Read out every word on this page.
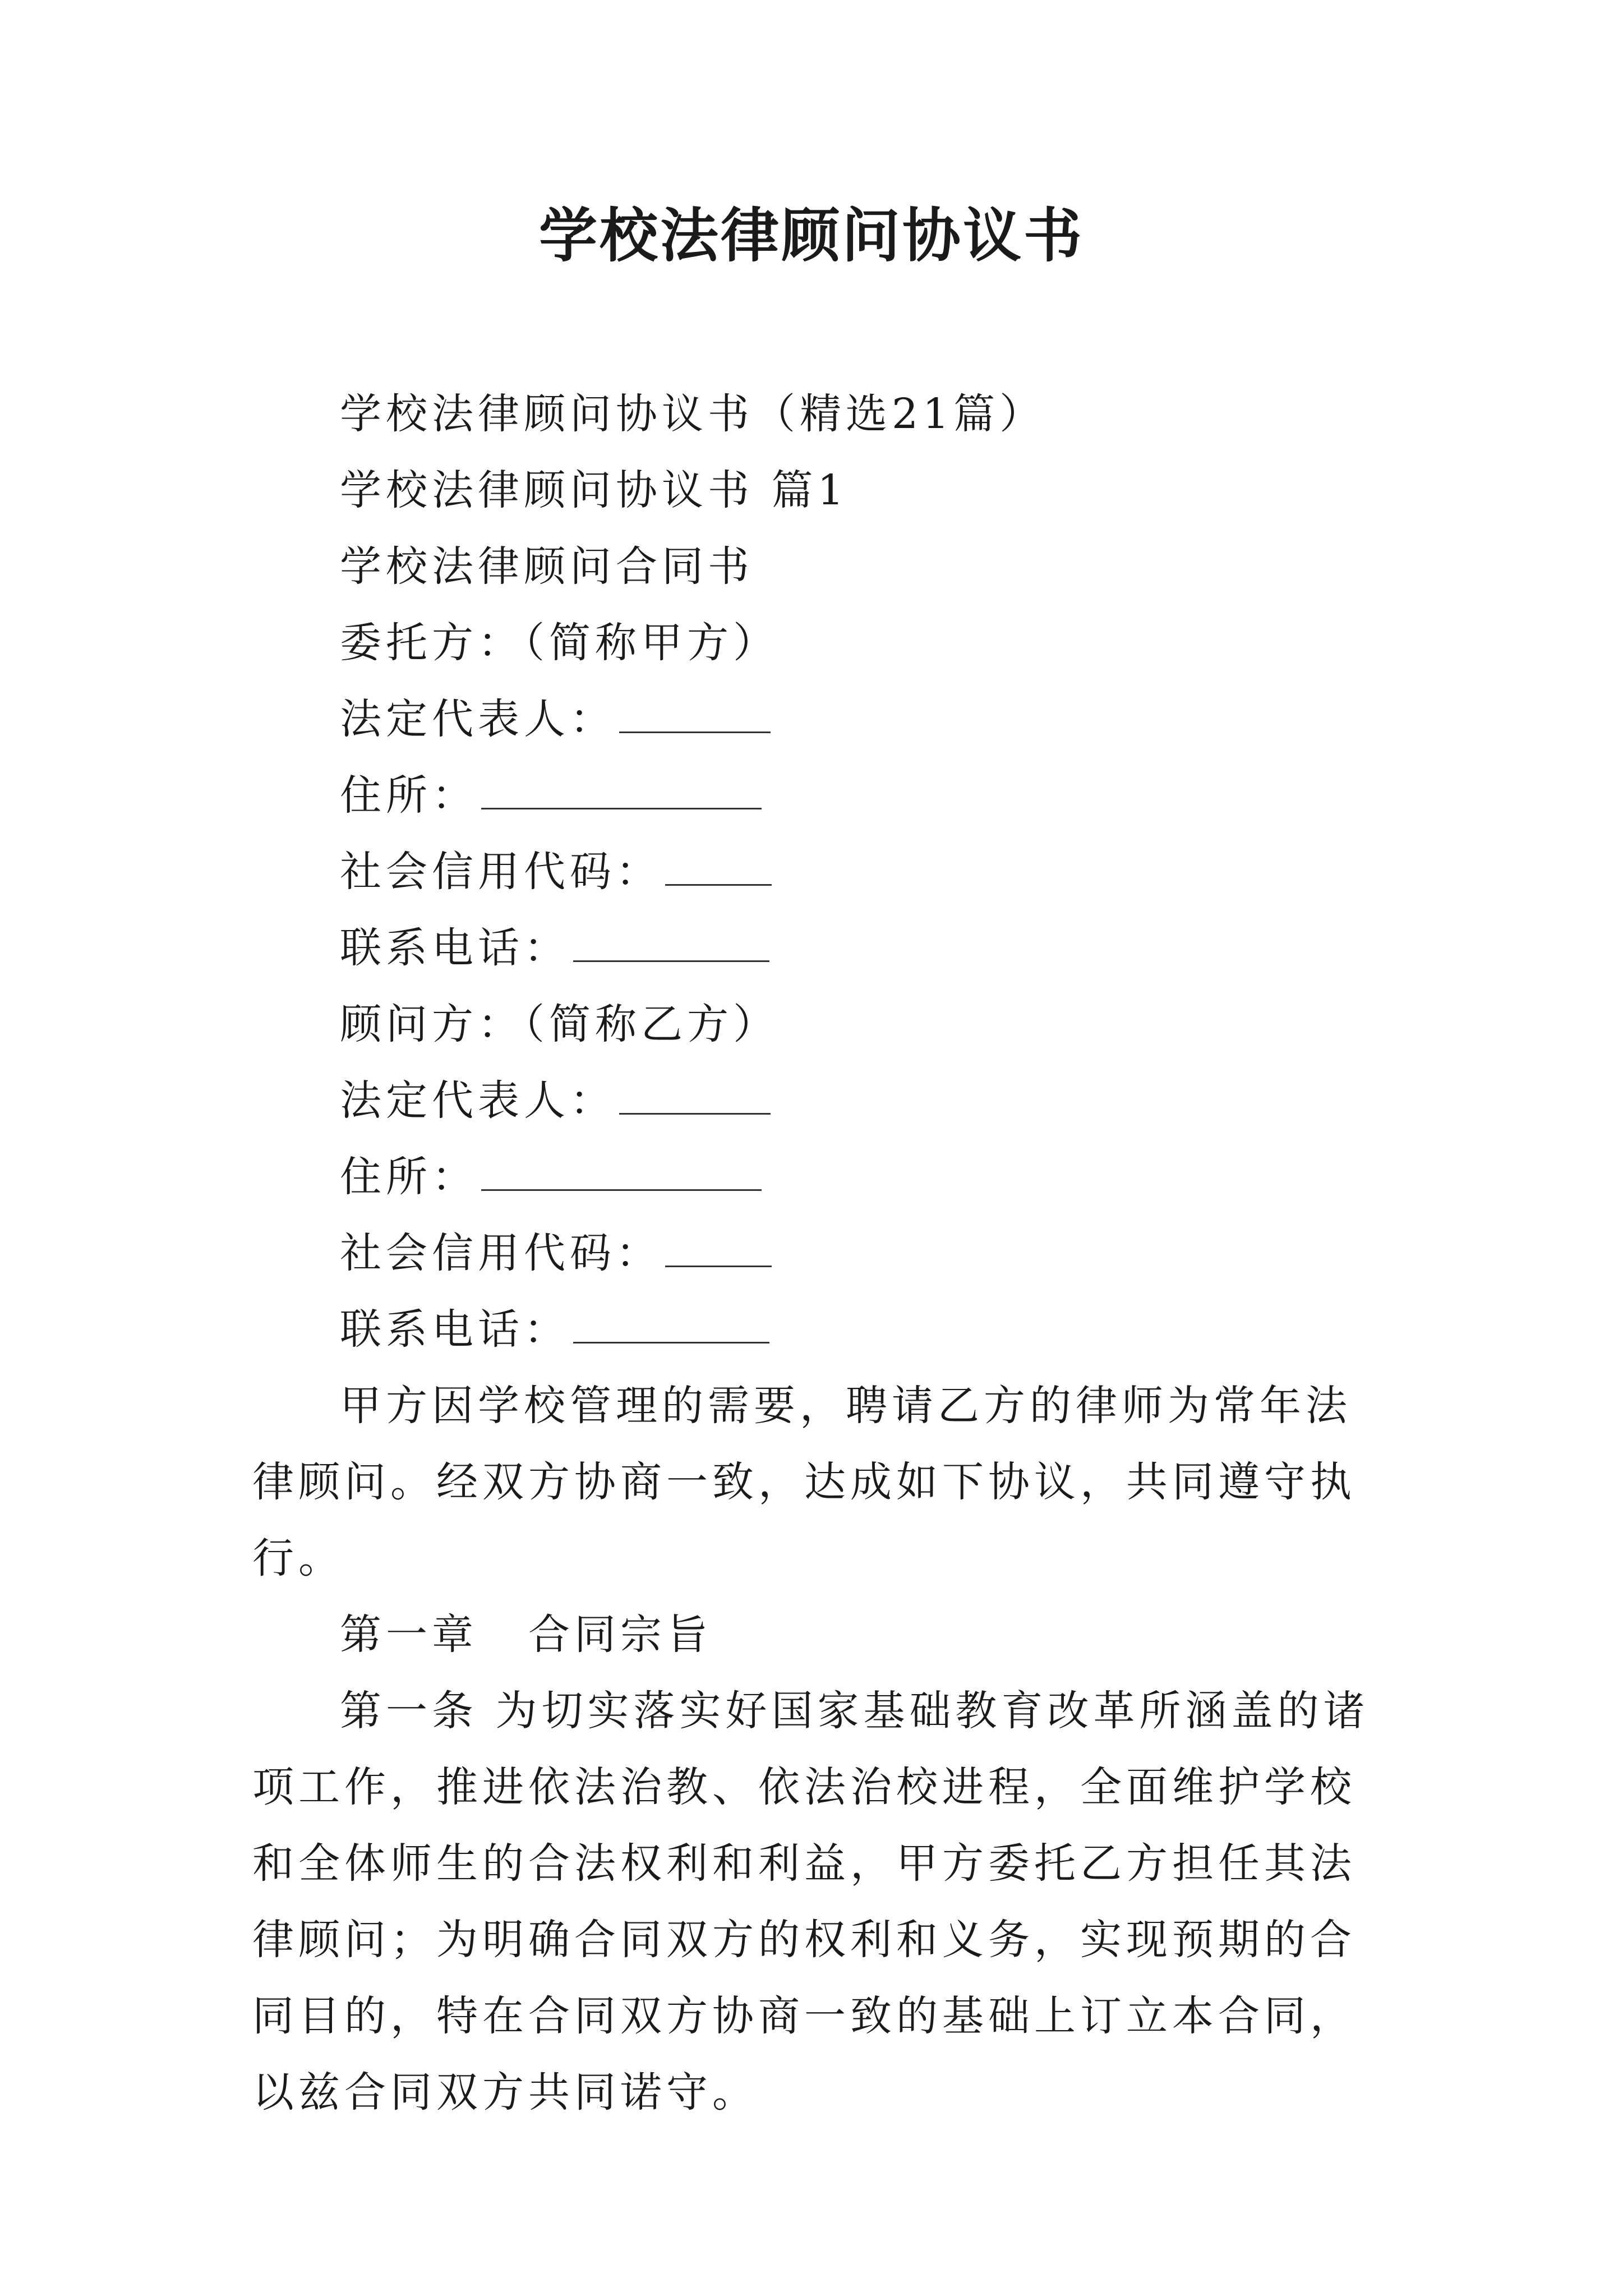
学校法律顾问协议书

学校法律顾问协议书（精选21篇）

学校法律顾问协议书 篇1

学校法律顾问合同书

委托方：（简称甲方）

法定代表人：

住所：

社会信用代码：

联系电话：

顾问方：（简称乙方）

法定代表人：

住所：

社会信用代码：

联系电话：

甲方因学校管理的需要，聘请乙方的律师为常年法律顾问。经双方协商一致，达成如下协议，共同遵守执行。

第一章 合同宗旨

第一条 为切实落实好国家基础教育改革所涵盖的诸项工作，推进依法治教、依法治校进程，全面维护学校和全体师生的合法权利和利益，甲方委托乙方担任其法律顾问；为明确合同双方的权利和义务，实现预期的合同目的，特在合同双方协商一致的基础上订立本合同，以兹合同双方共同诺守。
